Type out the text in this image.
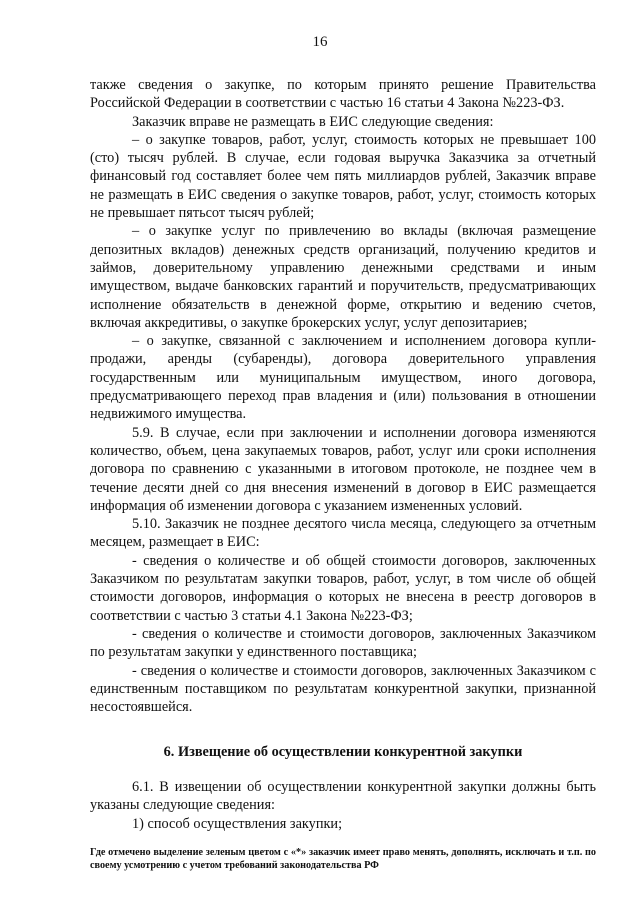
16

также сведения о закупке, по которым принято решение Правительства Российской Федерации в соответствии с частью 16 статьи 4 Закона №223-ФЗ.

Заказчик вправе не размещать в ЕИС следующие сведения:

– о закупке товаров, работ, услуг, стоимость которых не превышает 100 (сто) тысяч рублей. В случае, если годовая выручка Заказчика за отчетный финансовый год составляет более чем пять миллиардов рублей, Заказчик вправе не размещать в ЕИС сведения о закупке товаров, работ, услуг, стоимость которых не превышает пятьсот тысяч рублей;

– о закупке услуг по привлечению во вклады (включая размещение депозитных вкладов) денежных средств организаций, получению кредитов и займов, доверительному управлению денежными средствами и иным имуществом, выдаче банковских гарантий и поручительств, предусматривающих исполнение обязательств в денежной форме, открытию и ведению счетов, включая аккредитивы, о закупке брокерских услуг, услуг депозитариев;

– о закупке, связанной с заключением и исполнением договора купли-продажи, аренды (субаренды), договора доверительного управления государственным или муниципальным имуществом, иного договора, предусматривающего переход прав владения и (или) пользования в отношении недвижимого имущества.

5.9. В случае, если при заключении и исполнении договора изменяются количество, объем, цена закупаемых товаров, работ, услуг или сроки исполнения договора по сравнению с указанными в итоговом протоколе, не позднее чем в течение десяти дней со дня внесения изменений в договор в ЕИС размещается информация об изменении договора с указанием измененных условий.

5.10. Заказчик не позднее десятого числа месяца, следующего за отчетным месяцем, размещает в ЕИС:

- сведения о количестве и об общей стоимости договоров, заключенных Заказчиком по результатам закупки товаров, работ, услуг, в том числе об общей стоимости договоров, информация о которых не внесена в реестр договоров в соответствии с частью 3 статьи 4.1 Закона №223-ФЗ;

- сведения о количестве и стоимости договоров, заключенных Заказчиком по результатам закупки у единственного поставщика;

- сведения о количестве и стоимости договоров, заключенных Заказчиком с единственным поставщиком по результатам конкурентной закупки, признанной несостоявшейся.

6. Извещение об осуществлении конкурентной закупки

6.1. В извещении об осуществлении конкурентной закупки должны быть указаны следующие сведения:

1) способ осуществления закупки;

Где отмечено выделение зеленым цветом с «*» заказчик имеет право менять, дополнять, исключать и т.п. по своему усмотрению с учетом требований законодательства РФ
